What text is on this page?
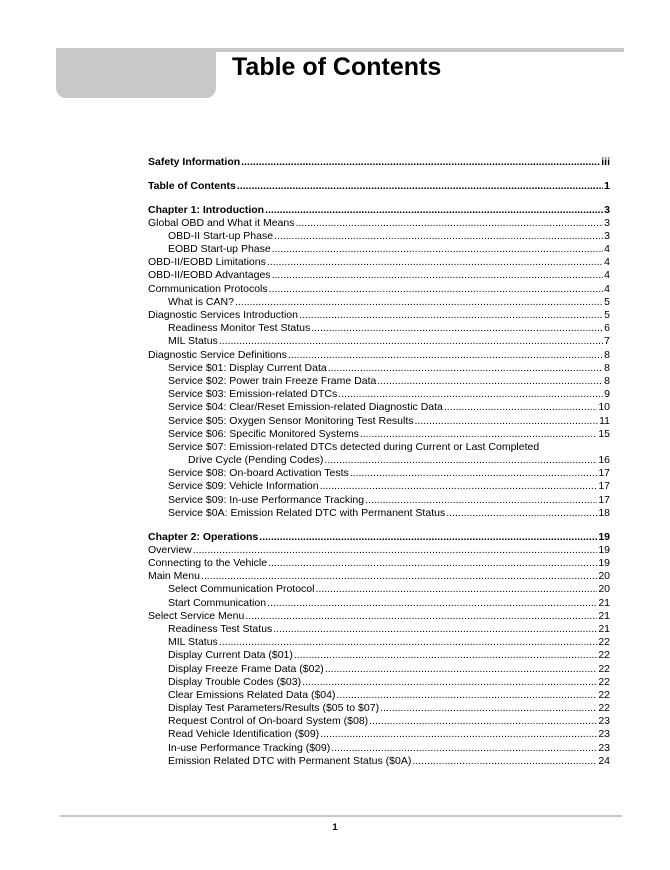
Table of Contents
Safety Information .....	iii
Table of Contents .....	1
Chapter 1: Introduction .....	3
Global OBD and What it Means .....	3
OBD-II Start-up Phase .....	3
EOBD Start-up Phase .....	4
OBD-II/EOBD Limitations .....	4
OBD-II/EOBD Advantages .....	4
Communication Protocols .....	4
What is CAN? .....	5
Diagnostic Services Introduction .....	5
Readiness Monitor Test Status .....	6
MIL Status .....	7
Diagnostic Service Definitions .....	8
Service $01: Display Current Data .....	8
Service $02: Power train Freeze Frame Data .....	8
Service $03: Emission-related DTCs .....	9
Service $04: Clear/Reset Emission-related Diagnostic Data .....	10
Service $05: Oxygen Sensor Monitoring Test Results .....	11
Service $06: Specific Monitored Systems .....	15
Service $07: Emission-related DTCs detected during Current or Last Completed
Drive Cycle (Pending Codes) .....	16
Service $08: On-board Activation Tests .....	17
Service $09: Vehicle Information .....	17
Service $09: In-use Performance Tracking .....	17
Service $0A: Emission Related DTC with Permanent Status .....	18
Chapter 2: Operations .....	19
Overview .....	19
Connecting to the Vehicle .....	19
Main Menu .....	20
Select Communication Protocol .....	20
Start Communication .....	21
Select Service Menu .....	21
Readiness Test Status .....	21
MIL Status .....	22
Display Current Data ($01) .....	22
Display Freeze Frame Data ($02) .....	22
Display Trouble Codes ($03) .....	22
Clear Emissions Related Data ($04) .....	22
Display Test Parameters/Results ($05 to $07) .....	22
Request Control of On-board System ($08) .....	23
Read Vehicle Identification ($09) .....	23
In-use Performance Tracking ($09) .....	23
Emission Related DTC with Permanent Status ($0A) .....	24
1
